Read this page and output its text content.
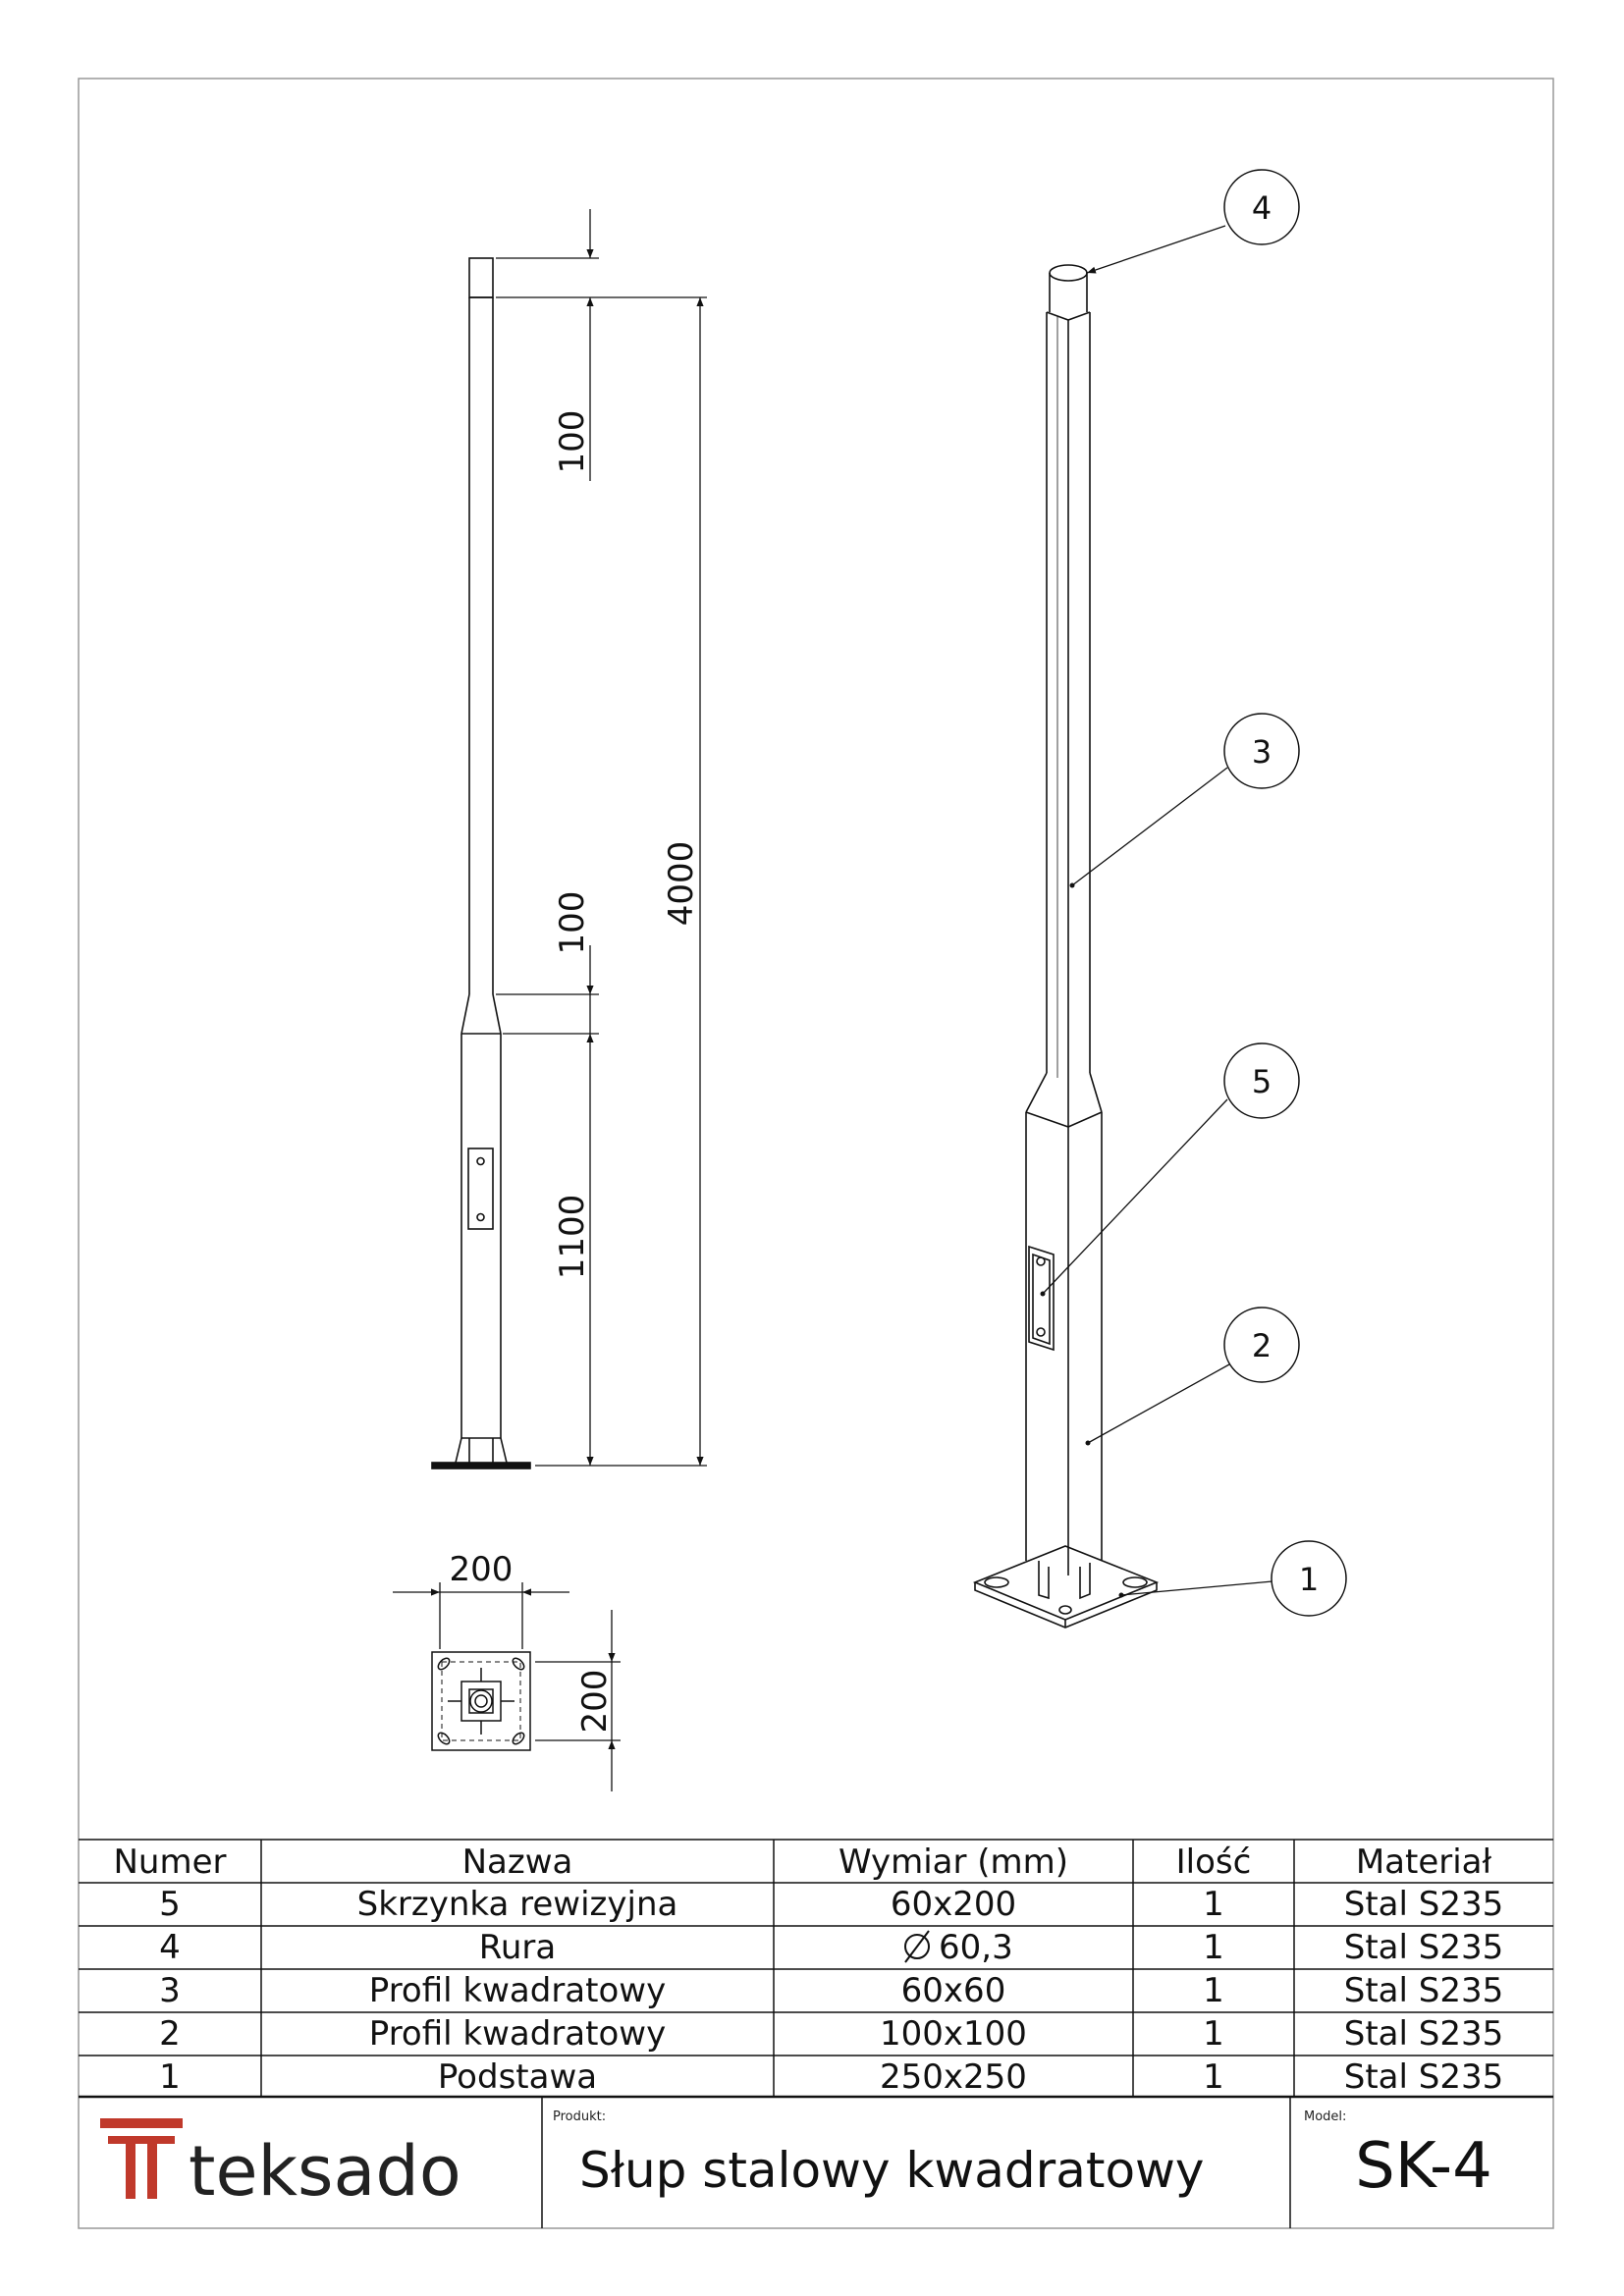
100
100
1100
4000
200
200
4
3
5
2
1
Numer	Nazwa	Wymiar (mm)	Ilość	Materiał
5	Skrzynka rewizyjna	60x200	1	Stal S235
4	Rura	60,3	1	Stal S235
3	Profil kwadratowy	60x60	1	Stal S235
2	Profil kwadratowy	100x100	1	Stal S235
1	Podstawa	250x250	1	Stal S235
teksado
Produkt:
Słup stalowy kwadratowy
Model:
SK-4
